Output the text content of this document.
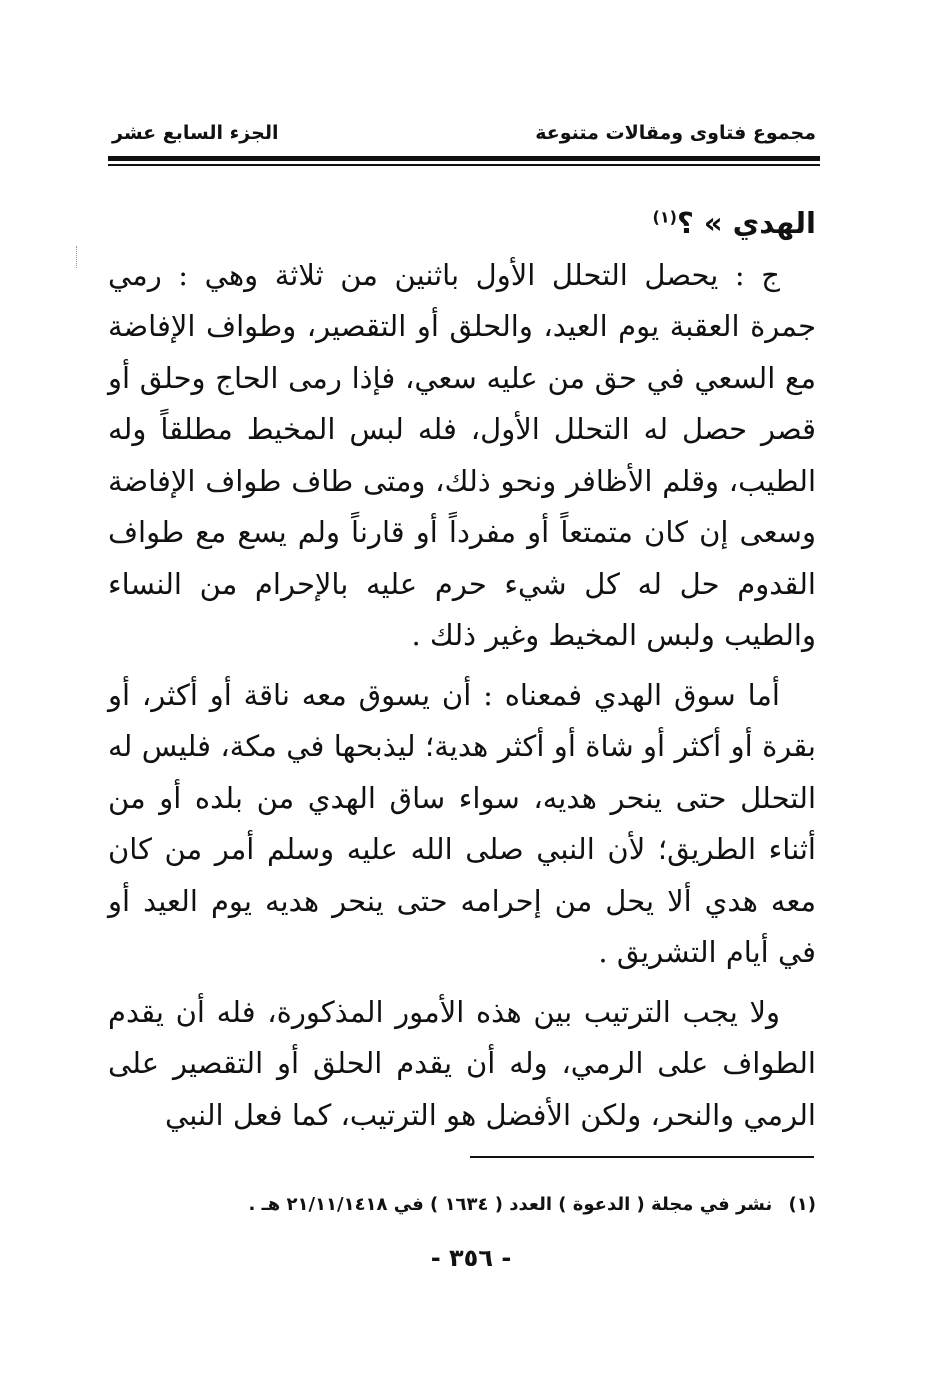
مجموع فتاوى ومقالات متنوعة
الجزء السابع عشر

الهدي » ؟$^{(١)}$

ج : يحصل التحلل الأول باثنين من ثلاثة وهي : رمي جمرة العقبة يوم العيد، والحلق أو التقصير، وطواف الإفاضة مع السعي في حق من عليه سعي، فإذا رمى الحاج وحلق أو قصر حصل له التحلل الأول، فله لبس المخيط مطلقاً وله الطيب، وقلم الأظافر ونحو ذلك، ومتى طاف طواف الإفاضة وسعى إن كان متمتعاً أو مفرداً أو قارناً ولم يسع مع طواف القدوم حل له كل شيء حرم عليه بالإحرام من النساء والطيب ولبس المخيط وغير ذلك .

أما سوق الهدي فمعناه : أن يسوق معه ناقة أو أكثر، أو بقرة أو أكثر أو شاة أو أكثر هدية؛ ليذبحها في مكة، فليس له التحلل حتى ينحر هديه، سواء ساق الهدي من بلده أو من أثناء الطريق؛ لأن النبي صلى الله عليه وسلم أمر من كان معه هدي ألا يحل من إحرامه حتى ينحر هديه يوم العيد أو في أيام التشريق .

ولا يجب الترتيب بين هذه الأمور المذكورة، فله أن يقدم الطواف على الرمي، وله أن يقدم الحلق أو التقصير على الرمي والنحر، ولكن الأفضل هو الترتيب، كما فعل النبي

(١) نشر في مجلة ( الدعوة ) العدد ( ١٦٣٤ ) في ٢١/١١/١٤١٨ هـ .
- ٣٥٦ -
